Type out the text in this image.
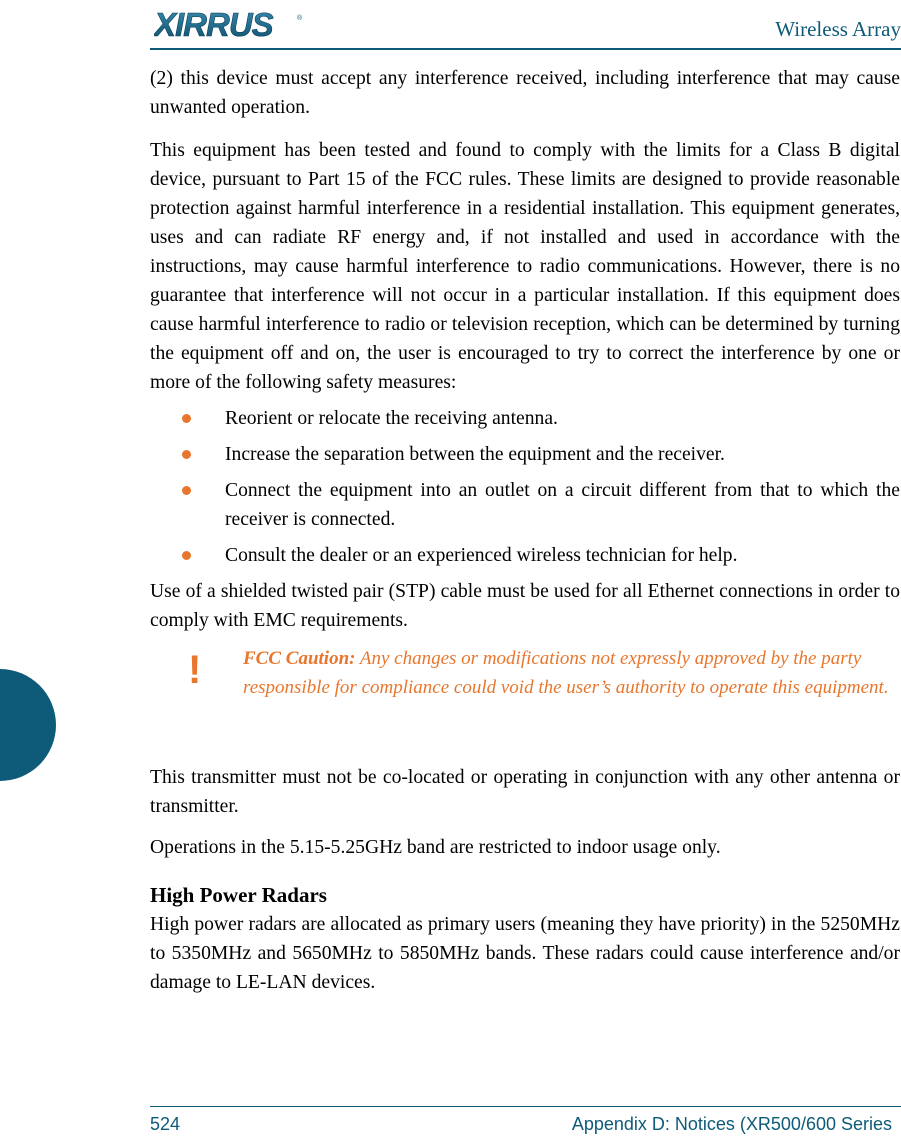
XIRRUS	®	Wireless Array

(2) this device must accept any interference received, including interference that may cause unwanted operation.

This equipment has been tested and found to comply with the limits for a Class B digital device, pursuant to Part 15 of the FCC rules. These limits are designed to provide reasonable protection against harmful interference in a residential installation. This equipment generates, uses and can radiate RF energy and, if not installed and used in accordance with the instructions, may cause harmful interference to radio communications. However, there is no guarantee that interference will not occur in a particular installation. If this equipment does cause harmful interference to radio or television reception, which can be determined by turning the equipment off and on, the user is encouraged to try to correct the interference by one or more of the following safety measures:

Reorient or relocate the receiving antenna.
Increase the separation between the equipment and the receiver.
Connect the equipment into an outlet on a circuit different from that to which the receiver is connected.
Consult the dealer or an experienced wireless technician for help.

Use of a shielded twisted pair (STP) cable must be used for all Ethernet connections in order to comply with EMC requirements.

! FCC Caution: Any changes or modifications not expressly approved by the party responsible for compliance could void the user’s authority to operate this equipment.

This transmitter must not be co-located or operating in conjunction with any other antenna or transmitter.

Operations in the 5.15-5.25GHz band are restricted to indoor usage only.

High Power Radars

High power radars are allocated as primary users (meaning they have priority) in the 5250MHz to 5350MHz and 5650MHz to 5850MHz bands. These radars could cause interference and/or damage to LE-LAN devices.

524	Appendix D: Notices (XR500/600 Series
